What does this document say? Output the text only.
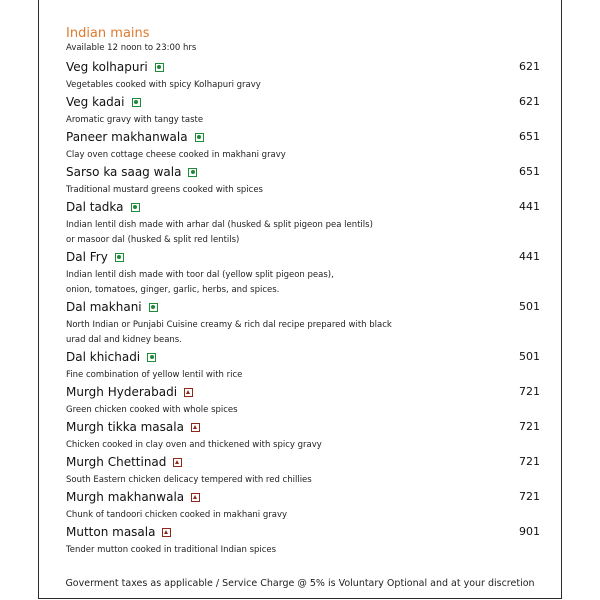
Indian mains
Available 12 noon to 23:00 hrs
Veg kolhapuri	621
Vegetables cooked with spicy Kolhapuri gravy
Veg kadai	621
Aromatic gravy with tangy taste
Paneer makhanwala	651
Clay oven cottage cheese cooked in makhani gravy
Sarso ka saag wala	651
Traditional mustard greens cooked with spices
Dal tadka	441
Indian lentil dish made with arhar dal (husked & split pigeon pea lentils)
or masoor dal (husked & split red lentils)
Dal Fry	441
Indian lentil dish made with toor dal (yellow split pigeon peas),
onion, tomatoes, ginger, garlic, herbs, and spices.
Dal makhani	501
North Indian or Punjabi Cuisine creamy & rich dal recipe prepared with black
urad dal and kidney beans.
Dal khichadi	501
Fine combination of yellow lentil with rice
Murgh Hyderabadi	721
Green chicken cooked with whole spices
Murgh tikka masala	721
Chicken cooked in clay oven and thickened with spicy gravy
Murgh Chettinad	721
South Eastern chicken delicacy tempered with red chillies
Murgh makhanwala	721
Chunk of tandoori chicken cooked in makhani gravy
Mutton masala	901
Tender mutton cooked in traditional Indian spices
Goverment taxes as applicable / Service Charge @ 5% is Voluntary Optional and at your discretion
